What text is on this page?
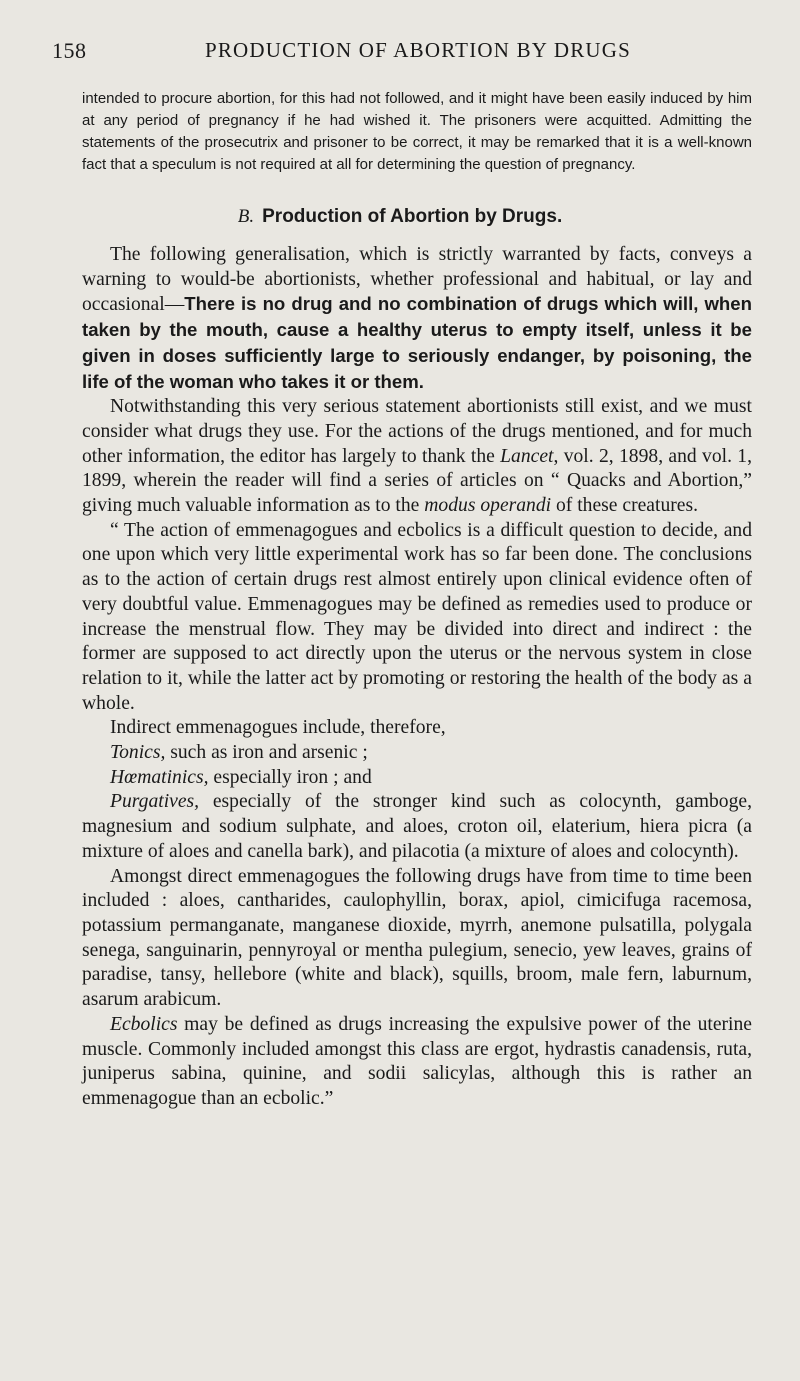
158	PRODUCTION OF ABORTION BY DRUGS
intended to procure abortion, for this had not followed, and it might have been easily induced by him at any period of pregnancy if he had wished it. The prisoners were acquitted. Admitting the statements of the prosecutrix and prisoner to be correct, it may be remarked that it is a well-known fact that a speculum is not required at all for determining the question of pregnancy.
B. Production of Abortion by Drugs.

The following generalisation, which is strictly warranted by facts, conveys a warning to would-be abortionists, whether professional and habitual, or lay and occasional—There is no drug and no combination of drugs which will, when taken by the mouth, cause a healthy uterus to empty itself, unless it be given in doses sufficiently large to seriously endanger, by poisoning, the life of the woman who takes it or them.

Notwithstanding this very serious statement abortionists still exist, and we must consider what drugs they use. For the actions of the drugs mentioned, and for much other information, the editor has largely to thank the Lancet, vol. 2, 1898, and vol. 1, 1899, wherein the reader will find a series of articles on “ Quacks and Abortion,” giving much valuable information as to the modus operandi of these creatures.

“ The action of emmenagogues and ecbolics is a difficult question to decide, and one upon which very little experimental work has so far been done. The conclusions as to the action of certain drugs rest almost entirely upon clinical evidence often of very doubtful value. Emmenagogues may be defined as remedies used to produce or increase the menstrual flow. They may be divided into direct and indirect : the former are supposed to act directly upon the uterus or the nervous system in close relation to it, while the latter act by promoting or restoring the health of the body as a whole.

Indirect emmenagogues include, therefore,

Tonics, such as iron and arsenic ;

Hœmatinics, especially iron ; and

Purgatives, especially of the stronger kind such as colocynth, gamboge, magnesium and sodium sulphate, and aloes, croton oil, elaterium, hiera picra (a mixture of aloes and canella bark), and pilacotia (a mixture of aloes and colocynth).

Amongst direct emmenagogues the following drugs have from time to time been included : aloes, cantharides, caulophyllin, borax, apiol, cimicifuga racemosa, potassium permanganate, manganese dioxide, myrrh, anemone pulsatilla, polygala senega, sanguinarin, pennyroyal or mentha pulegium, senecio, yew leaves, grains of paradise, tansy, hellebore (white and black), squills, broom, male fern, laburnum, asarum arabicum.

Ecbolics may be defined as drugs increasing the expulsive power of the uterine muscle. Commonly included amongst this class are ergot, hydrastis canadensis, ruta, juniperus sabina, quinine, and sodii salicylas, although this is rather an emmenagogue than an ecbolic.”
